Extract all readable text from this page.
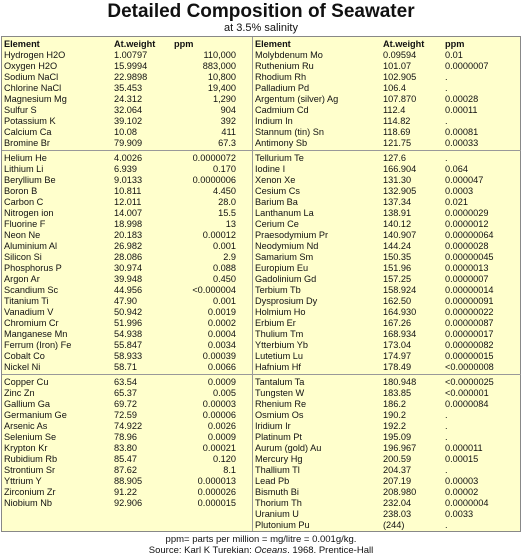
Detailed Composition of Seawater
at 3.5% salinity
Element	At.weight	ppm
Hydrogen H2O	1.00797	110,000
Oxygen H2O	15.9994	883,000
Sodium NaCl	22.9898	10,800
Chlorine NaCl	35.453	19,400
Magnesium Mg	24.312	1,290
Sulfur S	32.064	904
Potassium K	39.102	392
Calcium Ca	10.08	411
Bromine Br	79.909	67.3
Helium He	4.0026	0.0000072
Lithium Li	6.939	0.170
Beryllium Be	9.0133	0.0000006
Boron B	10.811	4.450
Carbon C	12.011	28.0
Nitrogen ion	14.007	15.5
Fluorine F	18.998	13
Neon Ne	20.183	0.00012
Aluminium Al	26.982	0.001
Silicon Si	28.086	2.9
Phosphorus P	30.974	0.088
Argon Ar	39.948	0.450
Scandium Sc	44.956	<0.000004
Titanium Ti	47.90	0.001
Vanadium V	50.942	0.0019
Chromium Cr	51.996	0.0002
Manganese Mn	54.938	0.0004
Ferrum (Iron) Fe	55.847	0.0034
Cobalt Co	58.933	0.00039
Nickel Ni	58.71	0.0066
Copper Cu	63.54	0.0009
Zinc Zn	65.37	0.005
Gallium Ga	69.72	0.00003
Germanium Ge	72.59	0.00006
Arsenic As	74.922	0.0026
Selenium Se	78.96	0.0009
Krypton Kr	83.80	0.00021
Rubidium Rb	85.47	0.120
Strontium Sr	87.62	8.1
Yttrium Y	88.905	0.000013
Zirconium Zr	91.22	0.000026
Niobium Nb	92.906	0.000015
Element	At.weight	ppm
Molybdenum Mo	0.09594	0.01
Ruthenium Ru	101.07	0.0000007
Rhodium Rh	102.905	.
Palladium Pd	106.4	.
Argentum (silver) Ag	107.870	0.00028
Cadmium Cd	112.4	0.00011
Indium In	114.82	.
Stannum (tin) Sn	118.69	0.00081
Antimony Sb	121.75	0.00033
Tellurium Te	127.6	.
Iodine I	166.904	0.064
Xenon Xe	131.30	0.000047
Cesium Cs	132.905	0.0003
Barium Ba	137.34	0.021
Lanthanum La	138.91	0.0000029
Cerium Ce	140.12	0.0000012
Praesodymium Pr	140.907	0.00000064
Neodymium Nd	144.24	0.0000028
Samarium Sm	150.35	0.00000045
Europium Eu	151.96	0.0000013
Gadolinium Gd	157.25	0.0000007
Terbium Tb	158.924	0.00000014
Dysprosium Dy	162.50	0.00000091
Holmium Ho	164.930	0.00000022
Erbium Er	167.26	0.00000087
Thulium Tm	168.934	0.00000017
Ytterbium Yb	173.04	0.00000082
Lutetium Lu	174.97	0.00000015
Hafnium Hf	178.49	<0.0000008
Tantalum Ta	180.948	<0.0000025
Tungsten W	183.85	<0.000001
Rhenium Re	186.2	0.0000084
Osmium Os	190.2	.
Iridium Ir	192.2	.
Platinum Pt	195.09	.
Aurum (gold) Au	196.967	0.000011
Mercury Hg	200.59	0.00015
Thallium Tl	204.37	.
Lead Pb	207.19	0.00003
Bismuth Bi	208.980	0.00002
Thorium Th	232.04	0.0000004
Uranium U	238.03	0.0033
Plutonium Pu	(244)	.
ppm= parts per million = mg/litre = 0.001g/kg.
Source: Karl K Turekian: Oceans. 1968. Prentice-Hall
